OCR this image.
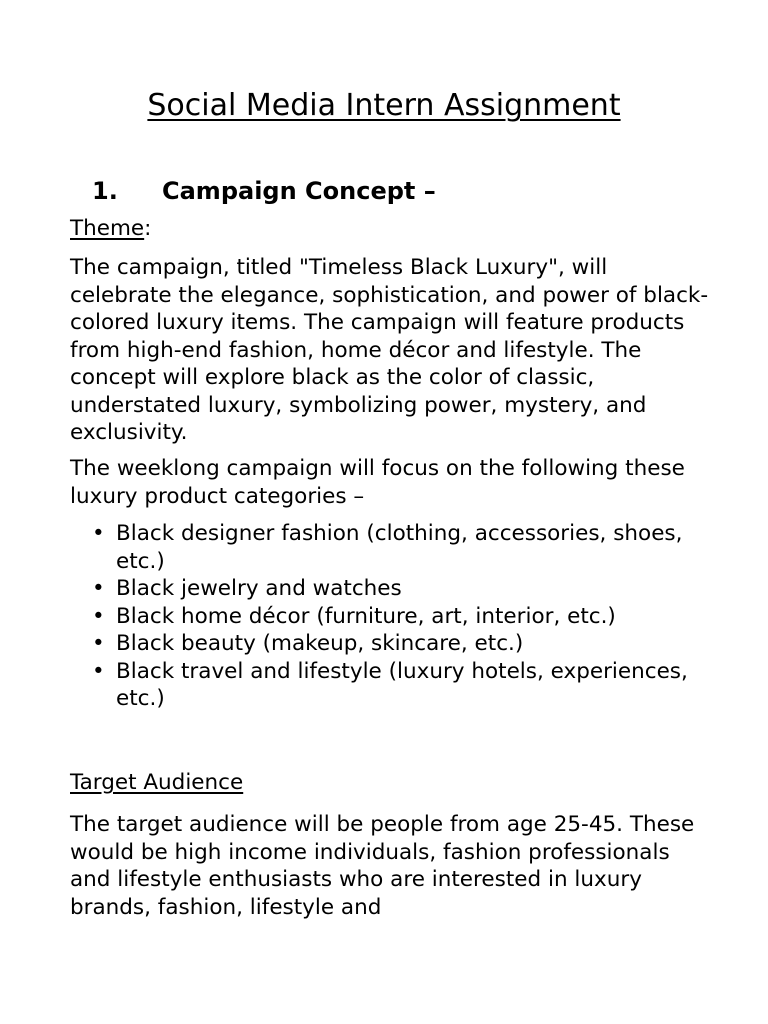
Social Media Intern Assignment
1. Campaign Concept –

Theme:

The campaign, titled "Timeless Black Luxury", will celebrate the elegance, sophistication, and power of black-colored luxury items. The campaign will feature products from high-end fashion, home décor and lifestyle. The concept will explore black as the color of classic, understated luxury, symbolizing power, mystery, and exclusivity.

The weeklong campaign will focus on the following these luxury product categories –

• Black designer fashion (clothing, accessories, shoes, etc.)
• Black jewelry and watches
• Black home décor (furniture, art, interior, etc.)
• Black beauty (makeup, skincare, etc.)
• Black travel and lifestyle (luxury hotels, experiences, etc.)

Target Audience

The target audience will be people from age 25-45. These would be high income individuals, fashion professionals and lifestyle enthusiasts who are interested in luxury brands, fashion, lifestyle and
